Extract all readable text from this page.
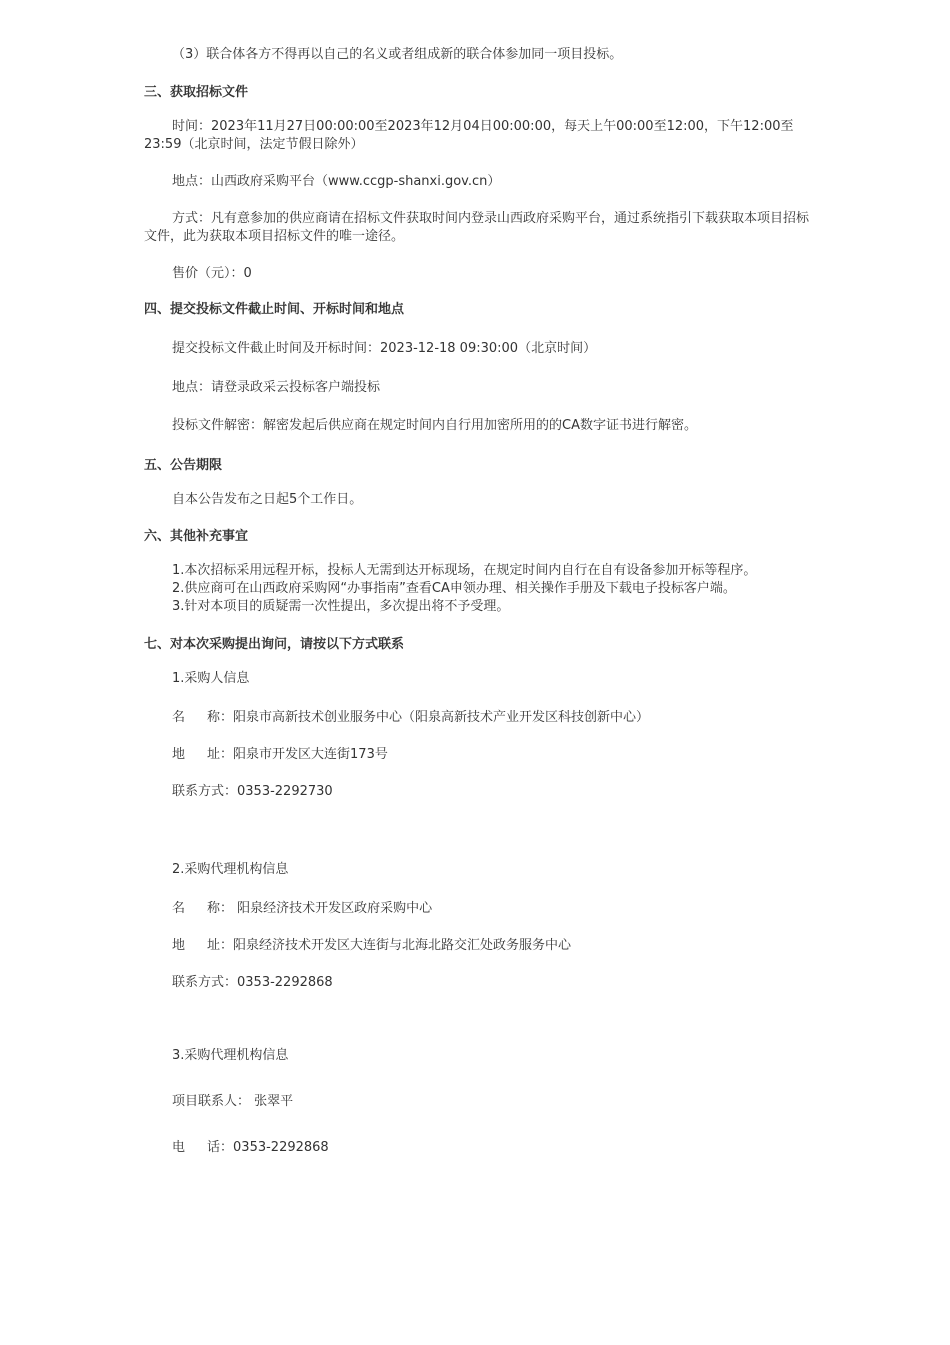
（3）联合体各方不得再以自己的名义或者组成新的联合体参加同一项目投标。
三、获取招标文件
时间：2023年11月27日00:00:00至2023年12月04日00:00:00，每天上午00:00至12:00，下午12:00至23:59（北京时间，法定节假日除外）
地点：山西政府采购平台（www.ccgp-shanxi.gov.cn）
方式：凡有意参加的供应商请在招标文件获取时间内登录山西政府采购平台，通过系统指引下载获取本项目招标文件，此为获取本项目招标文件的唯一途径。
售价（元）：0
四、提交投标文件截止时间、开标时间和地点
提交投标文件截止时间及开标时间：2023-12-18 09:30:00（北京时间）
地点：请登录政采云投标客户端投标
投标文件解密：解密发起后供应商在规定时间内自行用加密所用的的CA数字证书进行解密。
五、公告期限
自本公告发布之日起5个工作日。
六、其他补充事宜
1.本次招标采用远程开标，投标人无需到达开标现场，在规定时间内自行在自有设备参加开标等程序。
2.供应商可在山西政府采购网“办事指南”查看CA申领办理、相关操作手册及下载电子投标客户端。
3.针对本项目的质疑需一次性提出，多次提出将不予受理。
七、对本次采购提出询问，请按以下方式联系
1.采购人信息
名 称：阳泉市高新技术创业服务中心（阳泉高新技术产业开发区科技创新中心）
地 址：阳泉市开发区大连街173号
联系方式：0353-2292730
2.采购代理机构信息
名 称： 阳泉经济技术开发区政府采购中心
地 址：阳泉经济技术开发区大连街与北海北路交汇处政务服务中心
联系方式：0353-2292868
3.采购代理机构信息
项目联系人： 张翠平
电 话：0353-2292868
